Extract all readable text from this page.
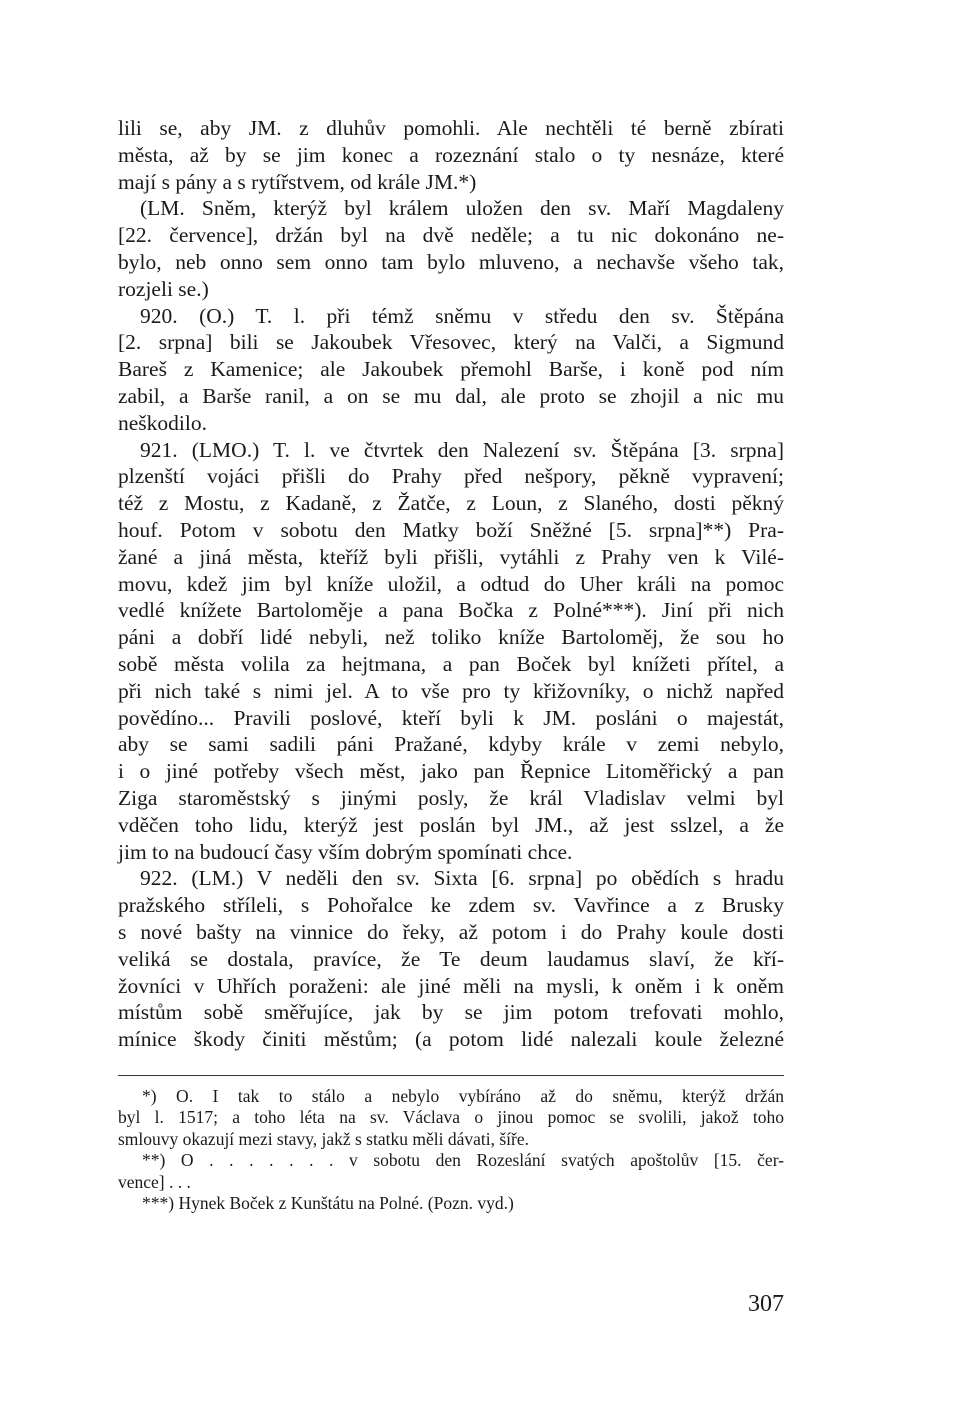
lili se, aby JM. z dluhův pomohli. Ale nechtěli té berně zbírati
města, až by se jim konec a rozeznání stalo o ty nesnáze, které
mají s pány a s rytířstvem, od krále JM.*)
(LM. Sněm, kterýž byl králem uložen den sv. Maří Magdaleny
[22. července], držán byl na dvě neděle; a tu nic dokonáno ne-
bylo, neb onno sem onno tam bylo mluveno, a nechavše všeho tak,
rozjeli se.)
920. (O.) T. l. při témž sněmu v středu den sv. Štěpána
[2. srpna] bili se Jakoubek Vřesovec, který na Valči, a Sigmund
Bareš z Kamenice; ale Jakoubek přemohl Barše, i koně pod ním
zabil, a Barše ranil, a on se mu dal, ale proto se zhojil a nic mu
neškodilo.
921. (LMO.) T. l. ve čtvrtek den Nalezení sv. Štěpána [3. srpna]
plzenští vojáci přišli do Prahy před nešpory, pěkně vypravení;
též z Mostu, z Kadaně, z Žatče, z Loun, z Slaného, dosti pěkný
houf. Potom v sobotu den Matky boží Sněžné [5. srpna]**) Pra-
žané a jiná města, kteříž byli přišli, vytáhli z Prahy ven k Vilé-
movu, kdež jim byl kníže uložil, a odtud do Uher králi na pomoc
vedlé knížete Bartoloměje a pana Bočka z Polné***). Jiní při nich
páni a dobří lidé nebyli, než toliko kníže Bartoloměj, že sou ho
sobě města volila za hejtmana, a pan Boček byl knížeti přítel, a
při nich také s nimi jel. A to vše pro ty křižovníky, o nichž napřed
povědíno... Pravili poslové, kteří byli k JM. posláni o majestát,
aby se sami sadili páni Pražané, kdyby krále v zemi nebylo,
i o jiné potřeby všech měst, jako pan Řepnice Litoměřický a pan
Ziga staroměstský s jinými posly, že král Vladislav velmi byl
vděčen toho lidu, kterýž jest poslán byl JM., až jest sslzel, a že
jim to na budoucí časy vším dobrým spomínati chce.
922. (LM.) V neděli den sv. Sixta [6. srpna] po obědích s hradu
pražského stříleli, s Pohořalce ke zdem sv. Vavřince a z Brusky
s nové bašty na vinnice do řeky, až potom i do Prahy koule dosti
veliká se dostala, pravíce, že Te deum laudamus slaví, že kří-
žovníci v Uhřích poraženi: ale jiné měli na mysli, k oněm i k oněm
místům sobě směřujíce, jak by se jim potom trefovati mohlo,
mínice škody činiti městům; (a potom lidé nalezali koule železné
*) O. I tak to stálo a nebylo vybíráno až do sněmu, kterýž držán
byl l. 1517; a toho léta na sv. Václava o jinou pomoc se svolili, jakož toho
smlouvy okazují mezi stavy, jakž s statku měli dávati, šíře.
**) O . . . . . . . v sobotu den Rozeslání svatých apoštolův [15. čer-
vence] . . .
***) Hynek Boček z Kunštátu na Polné. (Pozn. vyd.)
307
